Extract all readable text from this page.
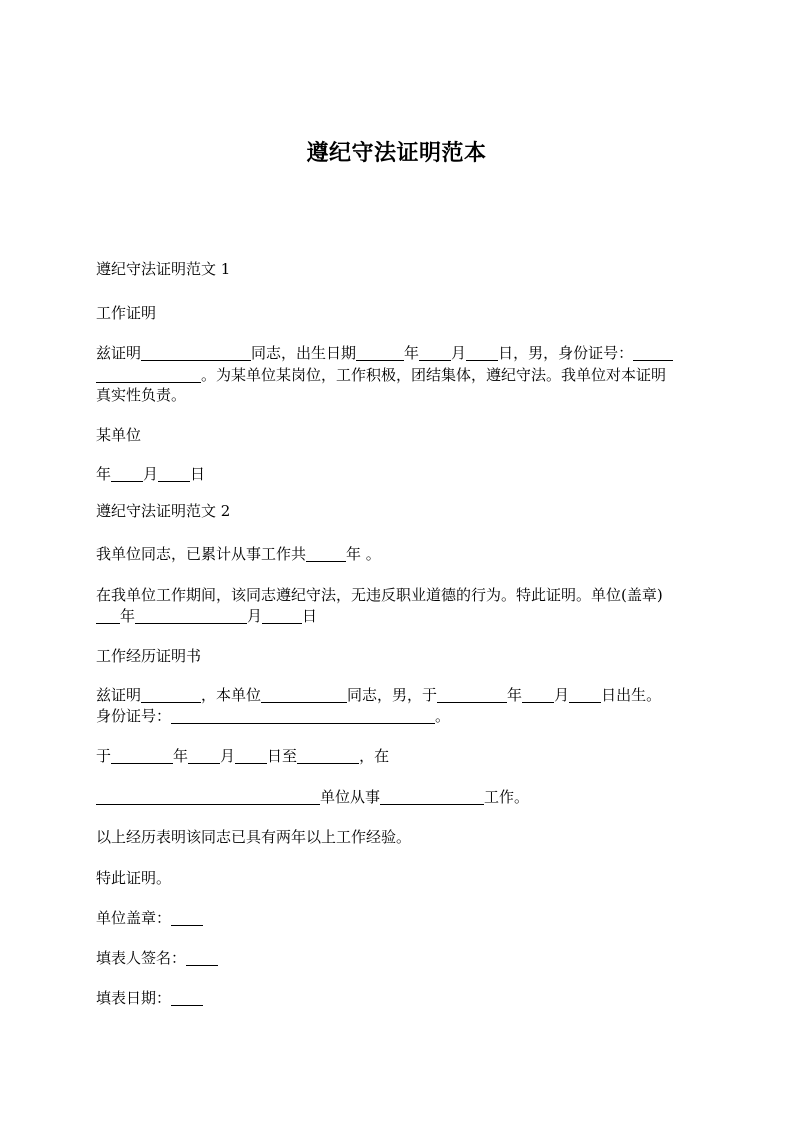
遵纪守法证明范本
遵纪守法证明范文 1
工作证明
兹证明	同志，出生日期	年 月 日，男，身份证号：
。为某单位某岗位，工作积极，团结集体，遵纪守法。我单位对本证明
真实性负责。
某单位
年 月 日
遵纪守法证明范文 2
我单位同志，已累计从事工作共	年 。
在我单位工作期间，该同志遵纪守法，无违反职业道德的行为。特此证明。单位(盖章)
年	月	日
工作经历证明书
兹证明	，本单位	同志，男，于	年 月 日出生。
身份证号：	。
于	年 月 日至	，在
单位从事	工作。
以上经历表明该同志已具有两年以上工作经验。
特此证明。
单位盖章：
填表人签名：
填表日期：
